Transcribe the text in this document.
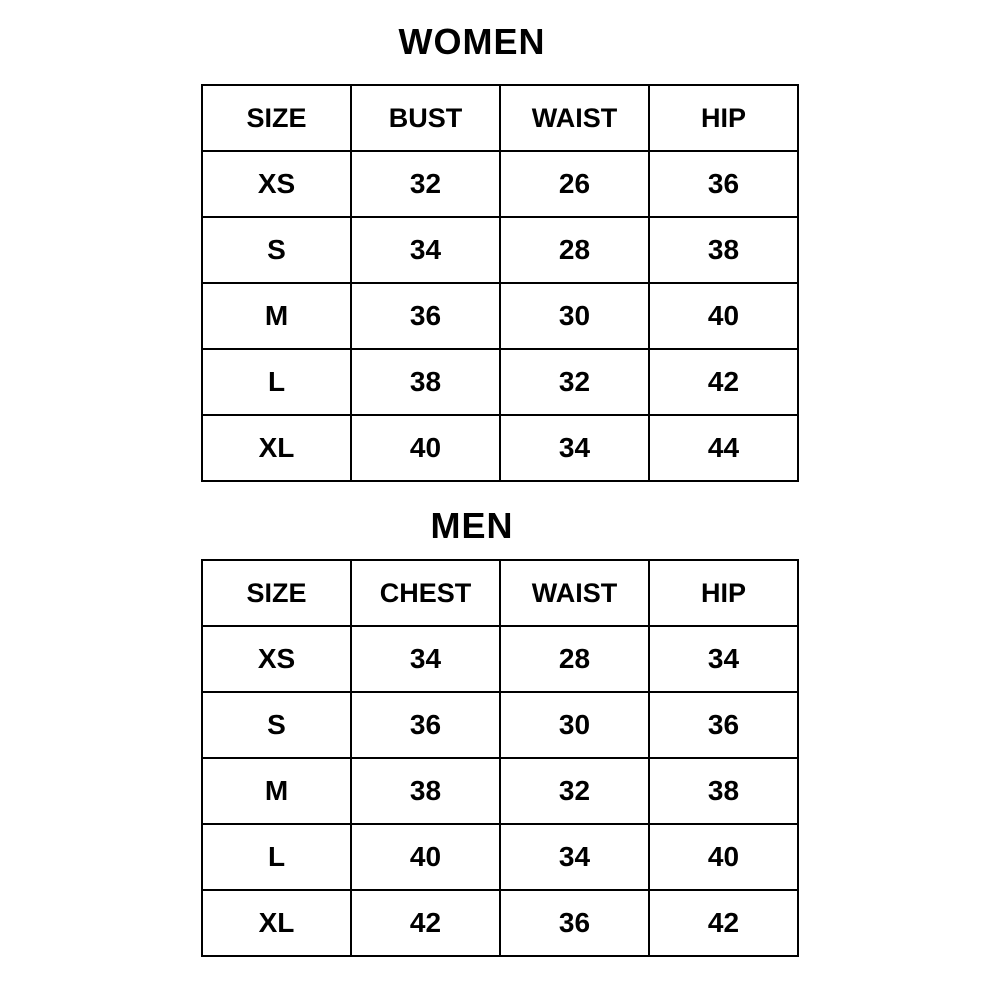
WOMEN
SIZE	BUST	WAIST	HIP
XS	32	26	36
S	34	28	38
M	36	30	40
L	38	32	42
XL	40	34	44
MEN
SIZE	CHEST	WAIST	HIP
XS	34	28	34
S	36	30	36
M	38	32	38
L	40	34	40
XL	42	36	42
